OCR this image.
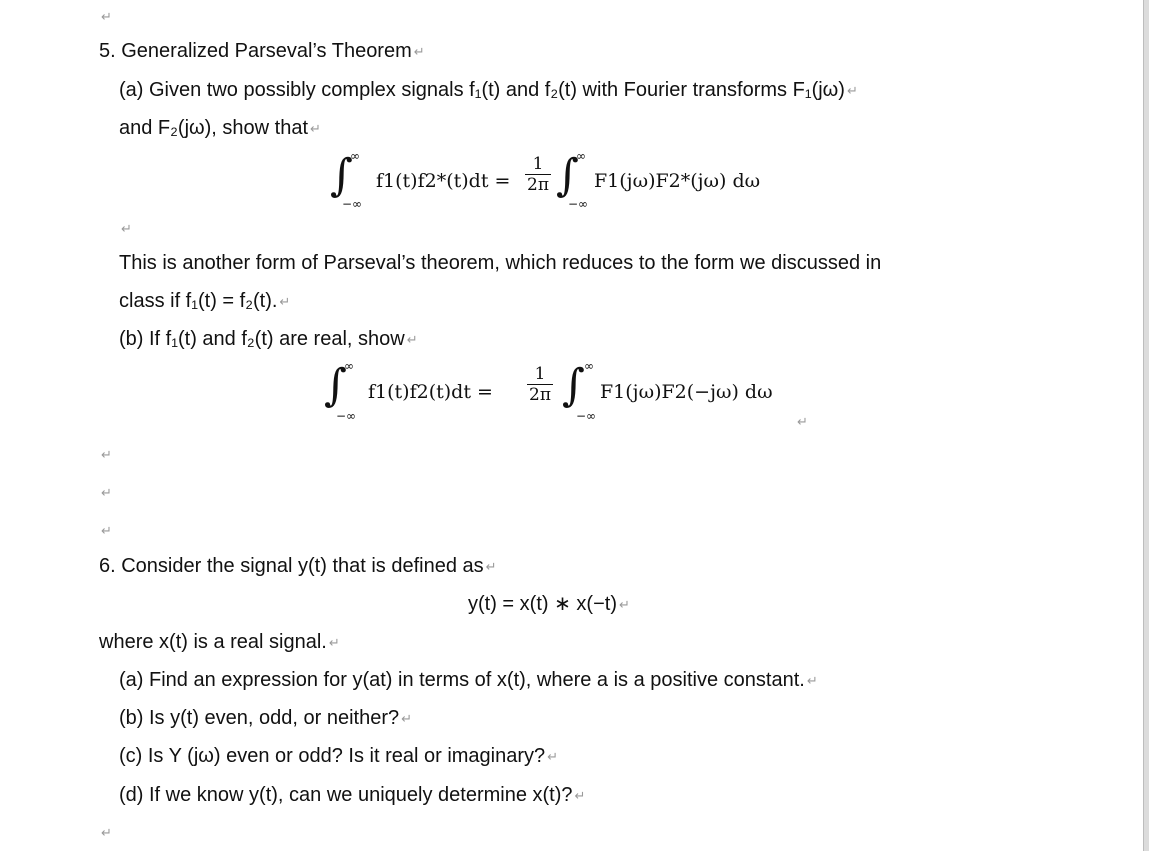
↵
5. Generalized Parseval’s Theorem ↵
(a) Given two possibly complex signals f₁(t) and f₂(t) with Fourier transforms F₁(jω) ↵
and F₂(jω), show that ↵
∞
∫
−∞
f1(t)f2*(t)dt =
1
2π
∞
∫
−∞
F1(jω)F2*(jω) dω
↵
This is another form of Parseval’s theorem, which reduces to the form we discussed in
class if f₁(t) = f₂(t). ↵
(b) If f₁(t) and f₂(t) are real, show ↵
∞
∫
−∞
f1(t)f2(t)dt =
1
2π
∞
∫
−∞
F1(jω)F2(−jω) dω
↵
↵
↵
↵
6. Consider the signal y(t) that is defined as ↵
y(t) = x(t) ∗ x(−t) ↵
where x(t) is a real signal. ↵
(a) Find an expression for y(at) in terms of x(t), where a is a positive constant. ↵
(b) Is y(t) even, odd, or neither? ↵
(c) Is Y (jω) even or odd? Is it real or imaginary? ↵
(d) If we know y(t), can we uniquely determine x(t)? ↵
↵
